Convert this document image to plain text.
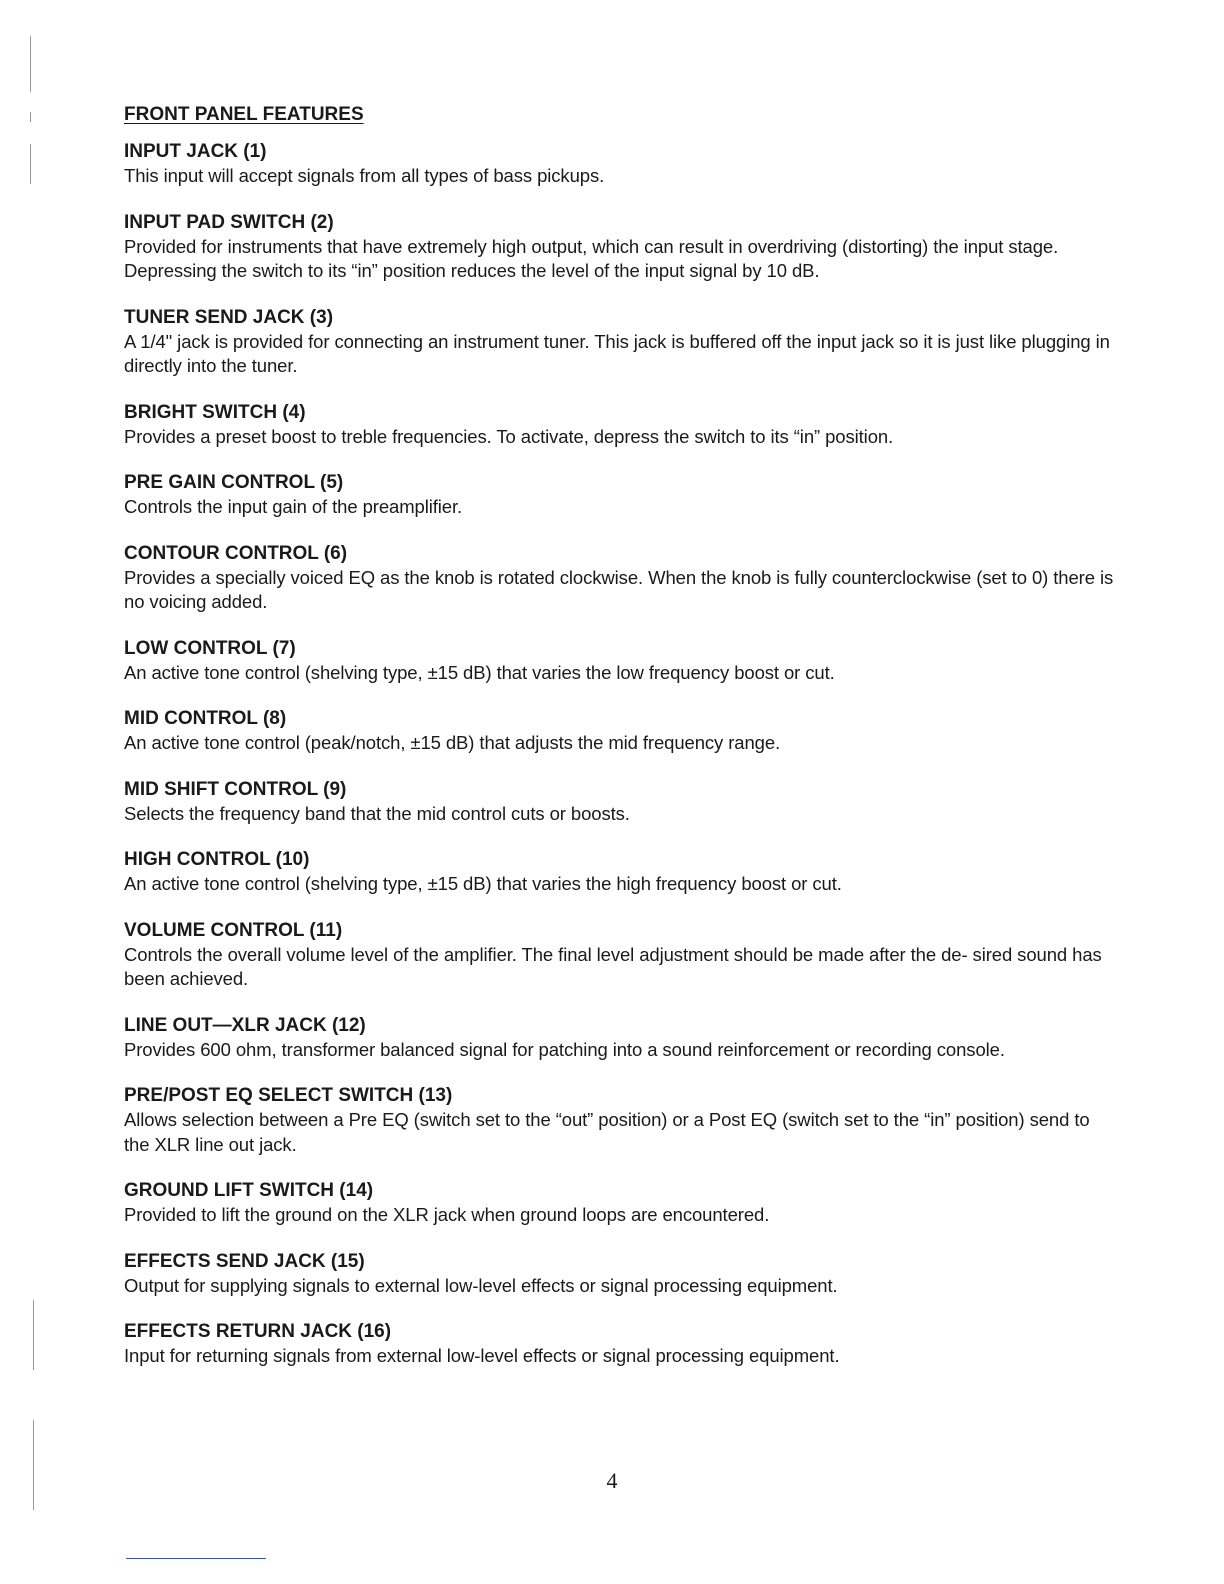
FRONT PANEL FEATURES
INPUT JACK (1)
This input will accept signals from all types of bass pickups.
INPUT PAD SWITCH (2)
Provided for instruments that have extremely high output, which can result in overdriving (distorting) the input stage. Depressing the switch to its “in” position reduces the level of the input signal by 10 dB.
TUNER SEND JACK (3)
A 1/4" jack is provided for connecting an instrument tuner. This jack is buffered off the input jack so it is just like plugging in directly into the tuner.
BRIGHT SWITCH (4)
Provides a preset boost to treble frequencies. To activate, depress the switch to its “in” position.
PRE GAIN CONTROL (5)
Controls the input gain of the preamplifier.
CONTOUR CONTROL (6)
Provides a specially voiced EQ as the knob is rotated clockwise. When the knob is fully counterclockwise (set to 0) there is no voicing added.
LOW CONTROL (7)
An active tone control (shelving type, ±15 dB) that varies the low frequency boost or cut.
MID CONTROL (8)
An active tone control (peak/notch, ±15 dB) that adjusts the mid frequency range.
MID SHIFT CONTROL (9)
Selects the frequency band that the mid control cuts or boosts.
HIGH CONTROL (10)
An active tone control (shelving type, ±15 dB) that varies the high frequency boost or cut.
VOLUME CONTROL (11)
Controls the overall volume level of the amplifier. The final level adjustment should be made after the de- sired sound has been achieved.
LINE OUT—XLR JACK (12)
Provides 600 ohm, transformer balanced signal for patching into a sound reinforcement or recording console.
PRE/POST EQ SELECT SWITCH (13)
Allows selection between a Pre EQ (switch set to the “out” position) or a Post EQ (switch set to the “in” position) send to the XLR line out jack.
GROUND LIFT SWITCH (14)
Provided to lift the ground on the XLR jack when ground loops are encountered.
EFFECTS SEND JACK (15)
Output for supplying signals to external low-level effects or signal processing equipment.
EFFECTS RETURN JACK (16)
Input for returning signals from external low-level effects or signal processing equipment.
4
